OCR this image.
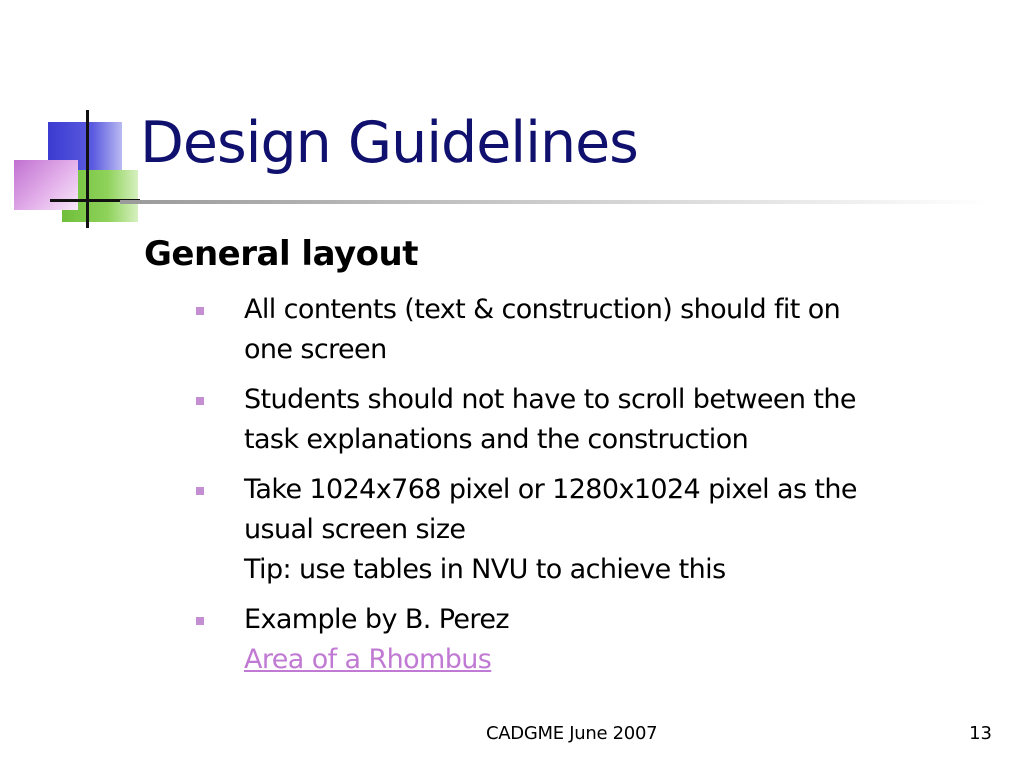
Design Guidelines
General layout
All contents (text & construction) should fit on
one screen
Students should not have to scroll between the
task explanations and the construction
Take 1024x768 pixel or 1280x1024 pixel as the
usual screen size
Tip: use tables in NVU to achieve this
Example by B. Perez
Area of a Rhombus
CADGME June 2007	13
